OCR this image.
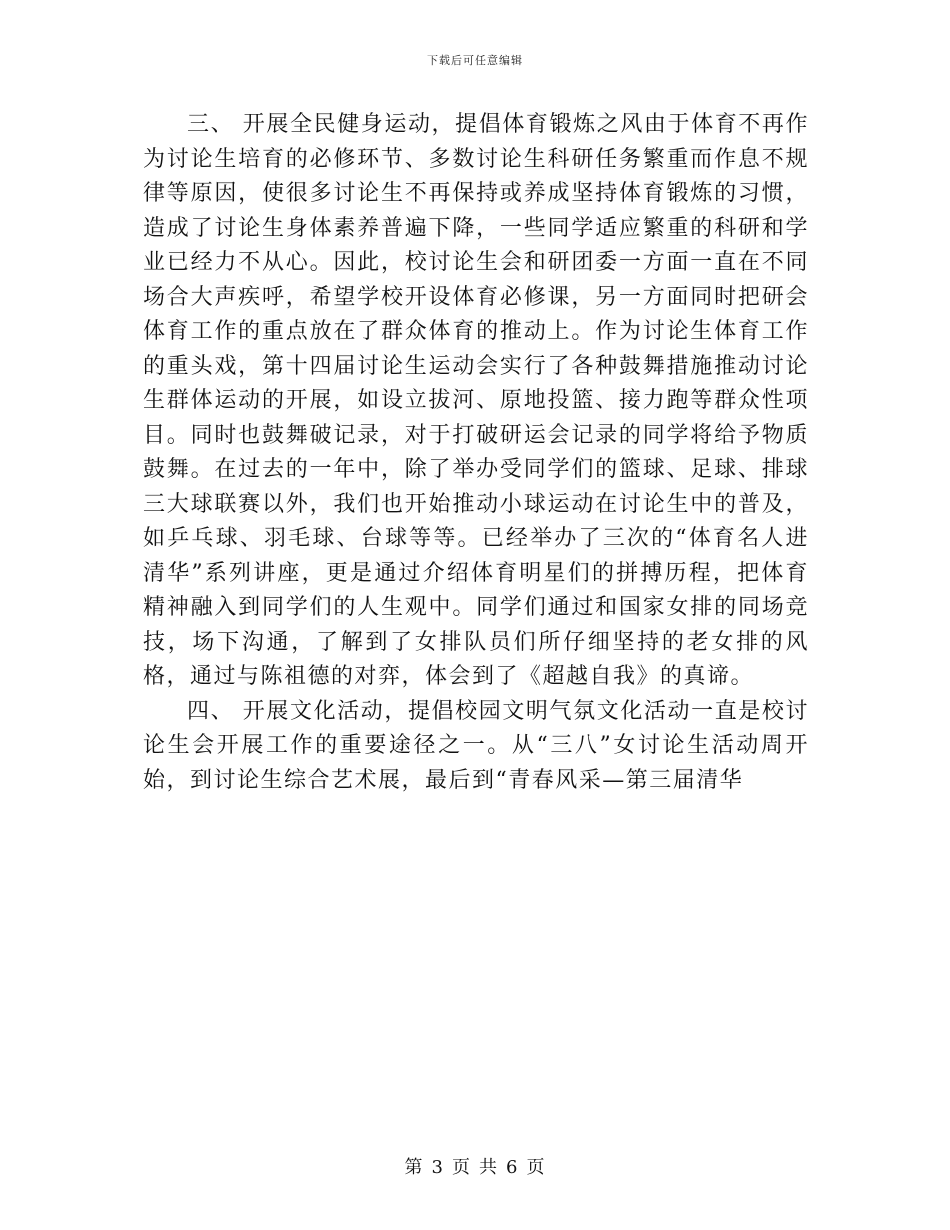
下载后可任意编辑

三、 开展全民健身运动，提倡体育锻炼之风由于体育不再作为讨论生培育的必修环节、多数讨论生科研任务繁重而作息不规律等原因，使很多讨论生不再保持或养成坚持体育锻炼的习惯，造成了讨论生身体素养普遍下降，一些同学适应繁重的科研和学业已经力不从心。因此，校讨论生会和研团委一方面一直在不同场合大声疾呼，希望学校开设体育必修课，另一方面同时把研会体育工作的重点放在了群众体育的推动上。作为讨论生体育工作的重头戏，第十四届讨论生运动会实行了各种鼓舞措施推动讨论生群体运动的开展，如设立拔河、原地投篮、接力跑等群众性项目。同时也鼓舞破记录，对于打破研运会记录的同学将给予物质鼓舞。在过去的一年中，除了举办受同学们的篮球、足球、排球三大球联赛以外，我们也开始推动小球运动在讨论生中的普及，如乒乓球、羽毛球、台球等等。已经举办了三次的“体育名人进清华”系列讲座，更是通过介绍体育明星们的拼搏历程，把体育精神融入到同学们的人生观中。同学们通过和国家女排的同场竞技，场下沟通，了解到了女排队员们所仔细坚持的老女排的风格，通过与陈祖德的对弈，体会到了《超越自我》的真谛。

四、 开展文化活动，提倡校园文明气氛文化活动一直是校讨论生会开展工作的重要途径之一。从“三八”女讨论生活动周开始，到讨论生综合艺术展，最后到“青春风采—第三届清华

第 3 页 共 6 页
